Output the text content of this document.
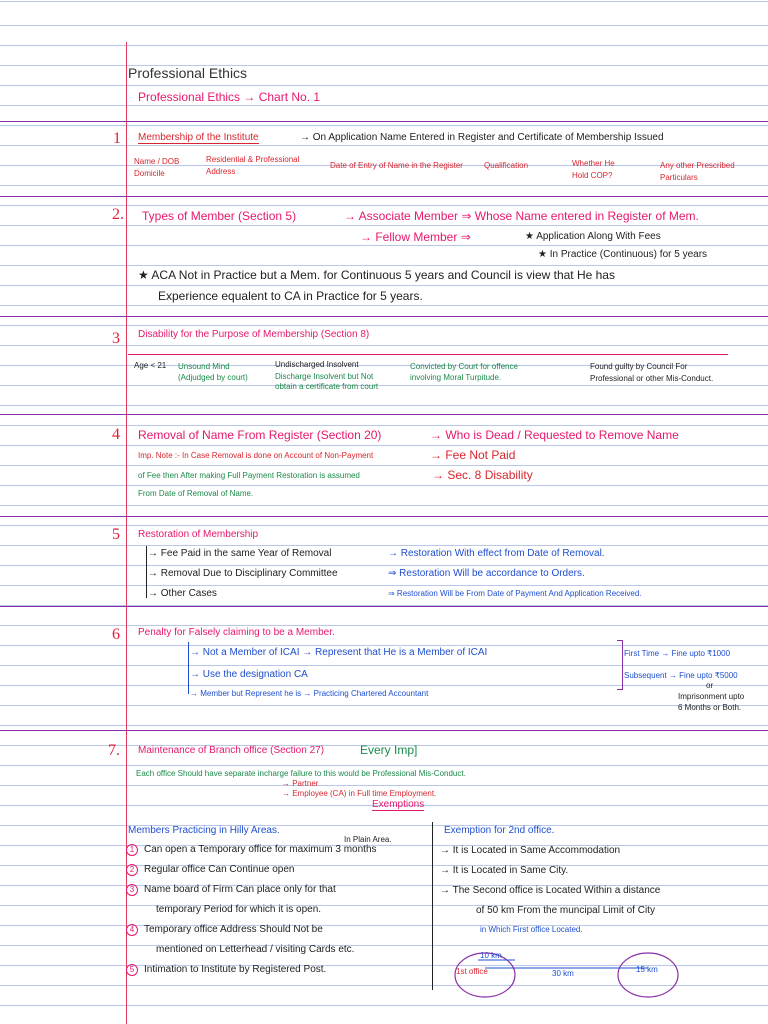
Professional Ethics
Professional Ethics → Chart No. 1
1 Membership of the Institute	→ On Application Name Entered in Register and Certificate of Membership Issued
Name / DOB Domicile
Residential & Professional Address
Date of Entry of Name in the Register	Qualification	Whether He Hold COP?
Any other Prescribed Particulars
2. Types of Member (Section 5)	→ Associate Member ⇒ Whose Name entered in Register of Mem.
→ Fellow Member ⇒	★ Application Along With Fees
★ In Practice (Continuous) for 5 years
★ ACA Not in Practice but a Mem. for Continuous 5 years and Council is view that He has
Experience equalent to CA in Practice for 5 years.
3 Disability for the Purpose of Membership (Section 8)
Age < 21 Unsound Mind (Adjudged by court)
Undischarged Insolvent
Discharge Insolvent but Not obtain a certificate from court
Convicted by Court for offence involving Moral Turpitude.
Found guilty by Council For Professional or other Mis-Conduct.
4 Removal of Name From Register (Section 20)	→ Who is Dead / Requested to Remove Name
Imp. Note :- In Case Removal is done on Account of Non-Payment	→ Fee Not Paid
of Fee then After making Full Payment Restoration is assumed	→ Sec. 8 Disability
From Date of Removal of Name.
5 Restoration of Membership
→ Fee Paid in the same Year of Removal	→ Restoration With effect from Date of Removal.
→ Removal Due to Disciplinary Committee	⇒ Restoration Will be accordance to Orders.
→ Other Cases	⇒ Restoration Will be From Date of Payment And Application Received.
6 Penalty for Falsely claiming to be a Member.
→ Not a Member of ICAI → Represent that He is a Member of ICAI
→ Use the designation CA
→ Member but Represent he is → Practicing Chartered Accountant
First Time → Fine upto ₹1000
Subsequent → Fine upto ₹5000
or
Imprisonment upto
6 Months or Both.
7. Maintenance of Branch office (Section 27)	Every Imp]
Each office Should have separate incharge failure to this would be Professional Mis-Conduct.
→ Partner
→ Employee (CA) in Full time Employment.
Exemptions
Members Practicing in Hilly Areas.
In Plain Area.
1 Can open a Temporary office for maximum 3 months
2 Regular office Can Continue open
3 Name board of Firm Can place only for that
temporary Period for which it is open.
4 Temporary office Address Should Not be
mentioned on Letterhead / visiting Cards etc.
5 Intimation to Institute by Registered Post.
Exemption for 2nd office.
→ It is Located in Same Accommodation
→ It is Located in Same City.
→ The Second office is Located Within a distance
of 50 km From the muncipal Limit of City
in Which First office Located.
1st office
10 km
30 km	15 km
